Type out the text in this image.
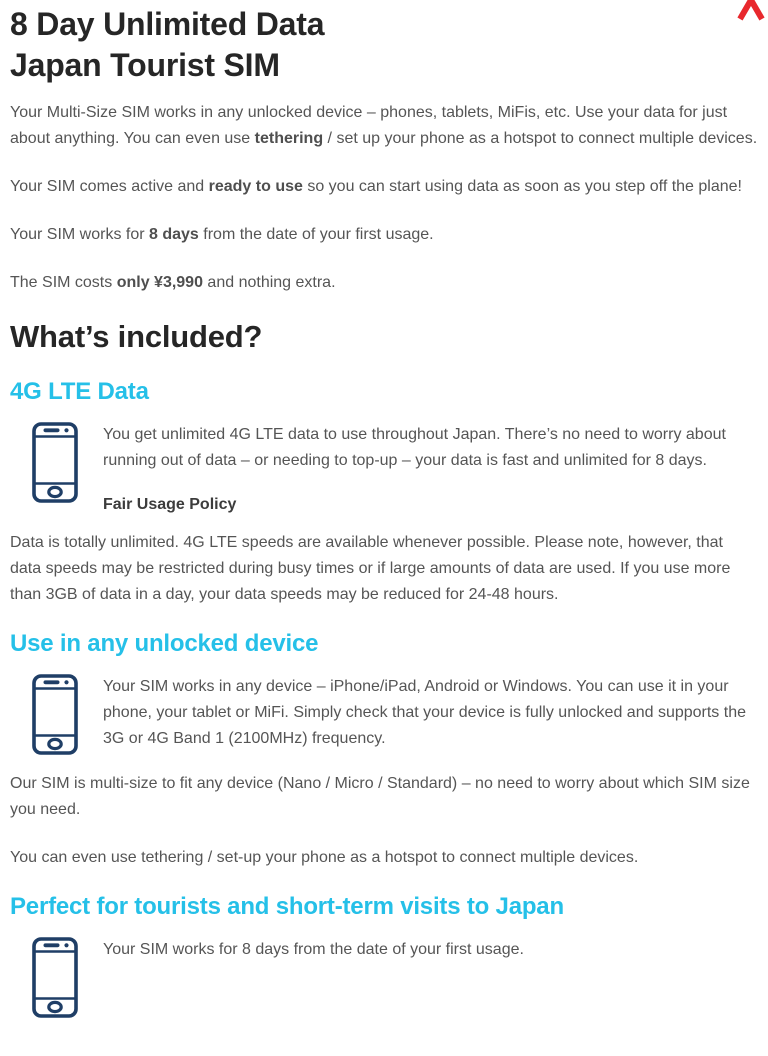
8 Day Unlimited Data
Japan Tourist SIM

Your Multi-Size SIM works in any unlocked device – phones, tablets, MiFis, etc. Use your data for just about anything. You can even use tethering / set up your phone as a hotspot to connect multiple devices.

Your SIM comes active and ready to use so you can start using data as soon as you step off the plane!

Your SIM works for 8 days from the date of your first usage.

The SIM costs only ¥3,990 and nothing extra.

What’s included?
4G LTE Data

You get unlimited 4G LTE data to use throughout Japan. There’s no need to worry about running out of data – or needing to top-up – your data is fast and unlimited for 8 days.

Fair Usage Policy

Data is totally unlimited. 4G LTE speeds are available whenever possible. Please note, however, that data speeds may be restricted during busy times or if large amounts of data are used. If you use more than 3GB of data in a day, your data speeds may be reduced for 24-48 hours.

Use in any unlocked device

Your SIM works in any device – iPhone/iPad, Android or Windows. You can use it in your phone, your tablet or MiFi. Simply check that your device is fully unlocked and supports the 3G or 4G Band 1 (2100MHz) frequency.

Our SIM is multi-size to fit any device (Nano / Micro / Standard) – no need to worry about which SIM size you need.

You can even use tethering / set-up your phone as a hotspot to connect multiple devices.

Perfect for tourists and short-term visits to Japan

Your SIM works for 8 days from the date of your first usage.
